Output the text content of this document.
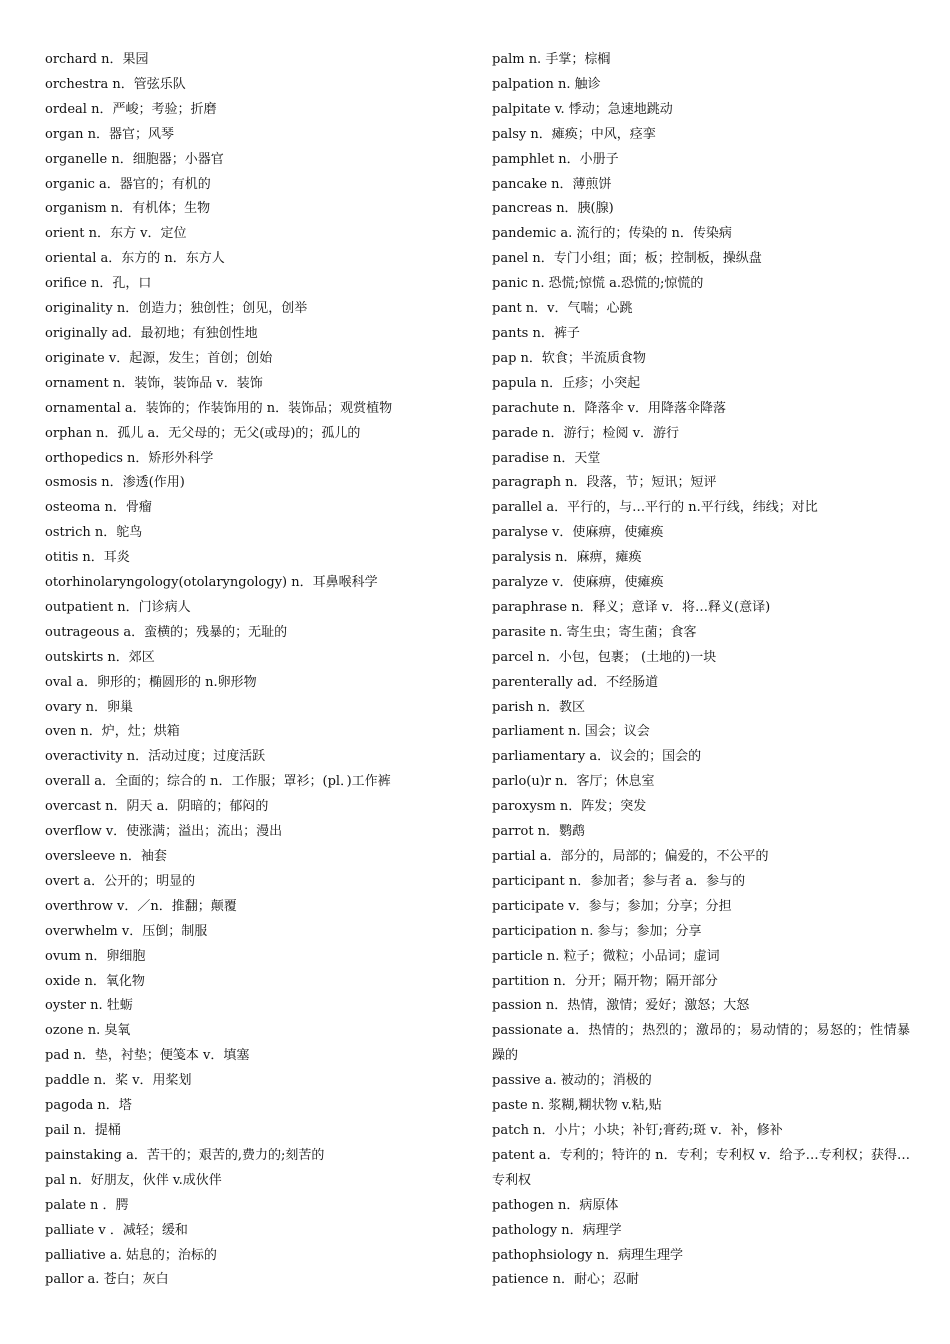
orchard n．果园
orchestra n．管弦乐队
ordeal n．严峻；考验；折磨
organ n．器官；风琴
organelle n．细胞器；小器官
organic a．器官的；有机的
organism n．有机体；生物
orient n．东方 v．定位
oriental a．东方的 n．东方人
orifice n．孔，口
originality n．创造力；独创性；创见，创举
originally ad．最初地；有独创性地
originate v．起源，发生；首创；创始
ornament n．装饰，装饰品 v．装饰
ornamental a．装饰的；作装饰用的 n．装饰品；观赏植物
orphan n．孤儿 a．无父母的；无父(或母)的；孤儿的
orthopedics n．矫形外科学
osmosis n．渗透(作用)
osteoma n．骨瘤
ostrich n．鸵鸟
otitis n．耳炎
otorhinolaryngology(otolaryngology) n．耳鼻喉科学
outpatient n．门诊病人
outrageous a．蛮横的；残暴的；无耻的
outskirts n．郊区
oval a．卵形的；椭圆形的 n.卵形物
ovary n．卵巢
oven n．炉，灶；烘箱
overactivity n．活动过度；过度活跃
overall a．全面的；综合的 n．工作服；罩衫；(pl．)工作裤
overcast n．阴天 a．阴暗的；郁闷的
overflow v．使涨满；溢出；流出；漫出
oversleeve n．袖套
overt a．公开的；明显的
overthrow v．／n．推翻；颠覆
overwhelm v．压倒；制服
ovum n．卵细胞
oxide n．氧化物
oyster n. 牡蛎
ozone n. 臭氧
pad n．垫，衬垫；便笺本 v．填塞
paddle n．桨 v．用桨划
pagoda n．塔
pail n．提桶
painstaking a．苦干的；艰苦的,费力的;刻苦的
pal n．好朋友，伙伴 v.成伙伴
palate n ．腭
palliate v ．减轻；缓和
palliative a. 姑息的；治标的
pallor a. 苍白；灰白
palm n. 手掌；棕榈
palpation n. 触诊
palpitate v. 悸动；急速地跳动
palsy n．瘫痪；中风，痉挛
pamphlet n．小册子
pancake n．薄煎饼
pancreas n．胰(腺)
pandemic a. 流行的；传染的 n．传染病
panel n．专门小组；面；板；控制板，操纵盘
panic n. 恐慌;惊慌 a.恐慌的;惊慌的
pant n．v．气喘；心跳
pants n．裤子
pap n．软食；半流质食物
papula n．丘疹；小突起
parachute n．降落伞 v．用降落伞降落
parade n．游行；检阅 v．游行
paradise n．天堂
paragraph n．段落，节；短讯；短评
parallel a．平行的，与…平行的 n.平行线，纬线；对比
paralyse v．使麻痹，使瘫痪
paralysis n．麻痹，瘫痪
paralyze v．使麻痹，使瘫痪
paraphrase n．释义；意译 v．将…释义(意译)
parasite n. 寄生虫；寄生菌；食客
parcel n．小包，包裹； (土地的)一块
parenterally ad．不经肠道
parish n．教区
parliament n. 国会；议会
parliamentary a．议会的；国会的
parlo(u)r n．客厅；休息室
paroxysm n．阵发；突发
parrot n．鹦鹉
partial a．部分的，局部的；偏爱的，不公平的
participant n．参加者；参与者 a．参与的
participate v．参与；参加；分享；分担
participation n. 参与；参加；分享
particle n. 粒子；微粒；小品词；虚词
partition n．分开；隔开物；隔开部分
passion n．热情，激情；爱好；激怒；大怒
passionate a．热情的；热烈的；激昂的；易动情的；易怒的；性情暴躁的
passive a. 被动的；消极的
paste n. 浆糊,糊状物 v.粘,贴
patch n．小片；小块；补钉;膏药;斑 v．补，修补
patent a．专利的；特许的 n．专利；专利权 v．给予…专利权；获得…专利权
pathogen n．病原体
pathology n．病理学
pathophsiology n．病理生理学
patience n．耐心；忍耐
